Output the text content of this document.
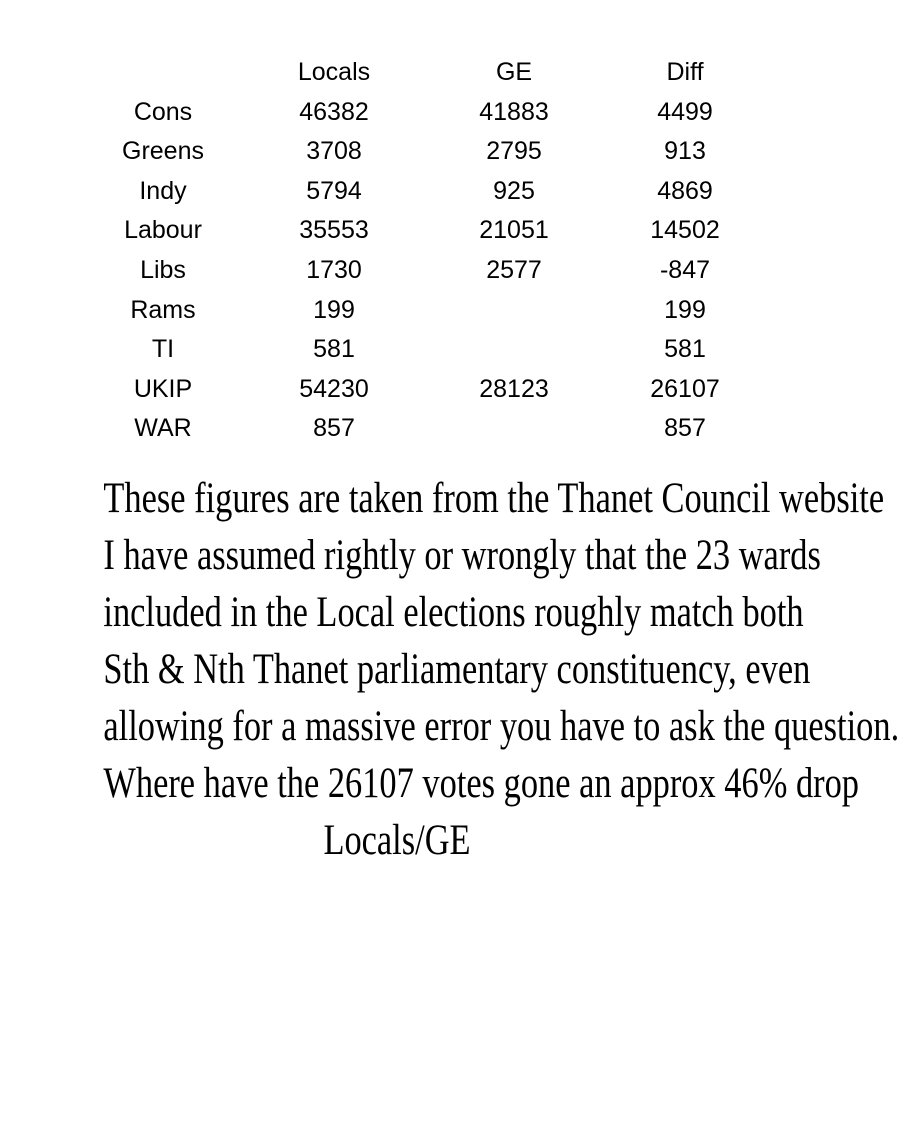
	Locals	GE	Diff
Cons	46382	41883	4499
Greens	3708	2795	913
Indy	5794	925	4869
Labour	35553	21051	14502
Libs	1730	2577	-847
Rams	199		199
TI	581		581
UKIP	54230	28123	26107
WAR	857		857

These figures are taken from the Thanet Council website
I have assumed rightly or wrongly that the 23 wards
included in the Local elections roughly match both
Sth & Nth Thanet parliamentary constituency, even
allowing for a massive error you have to ask the question.
Where have the 26107 votes gone an approx 46% drop
Locals/GE
